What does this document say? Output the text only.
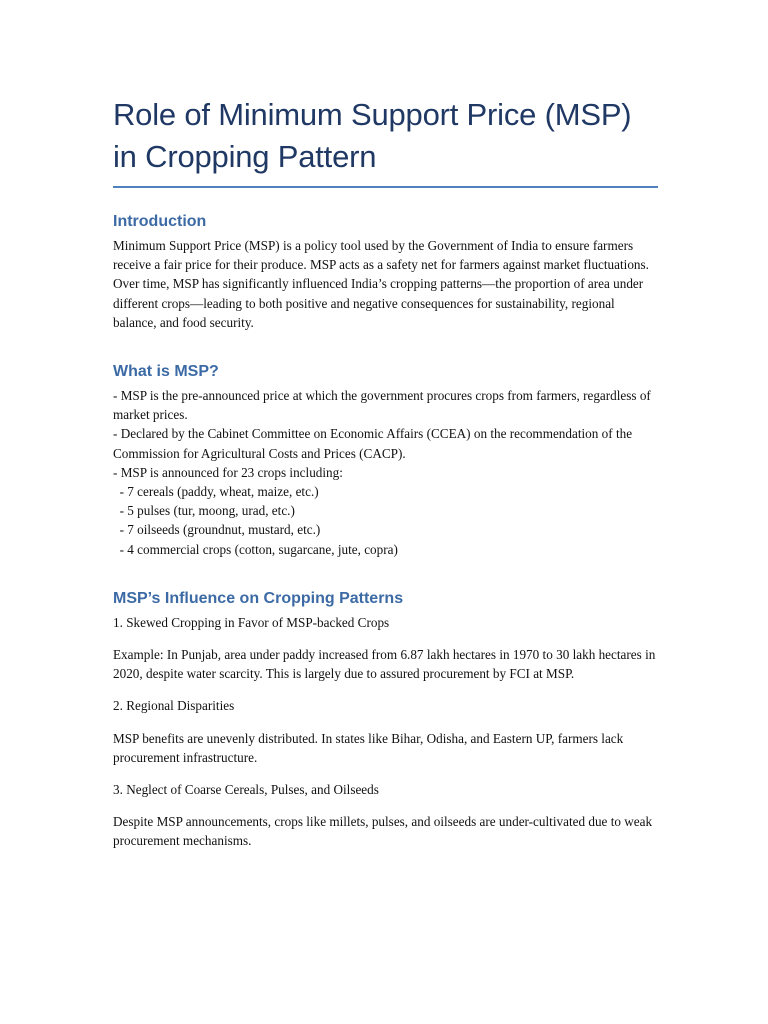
Role of Minimum Support Price (MSP) in Cropping Pattern
Introduction

Minimum Support Price (MSP) is a policy tool used by the Government of India to ensure farmers receive a fair price for their produce. MSP acts as a safety net for farmers against market fluctuations. Over time, MSP has significantly influenced India’s cropping patterns—the proportion of area under different crops—leading to both positive and negative consequences for sustainability, regional balance, and food security.

What is MSP?

- MSP is the pre-announced price at which the government procures crops from farmers, regardless of market prices.

- Declared by the Cabinet Committee on Economic Affairs (CCEA) on the recommendation of the Commission for Agricultural Costs and Prices (CACP).

- MSP is announced for 23 crops including:

- 7 cereals (paddy, wheat, maize, etc.)

- 5 pulses (tur, moong, urad, etc.)

- 7 oilseeds (groundnut, mustard, etc.)

- 4 commercial crops (cotton, sugarcane, jute, copra)

MSP’s Influence on Cropping Patterns

1. Skewed Cropping in Favor of MSP-backed Crops

Example: In Punjab, area under paddy increased from 6.87 lakh hectares in 1970 to 30 lakh hectares in 2020, despite water scarcity. This is largely due to assured procurement by FCI at MSP.

2. Regional Disparities

MSP benefits are unevenly distributed. In states like Bihar, Odisha, and Eastern UP, farmers lack procurement infrastructure.

3. Neglect of Coarse Cereals, Pulses, and Oilseeds

Despite MSP announcements, crops like millets, pulses, and oilseeds are under-cultivated due to weak procurement mechanisms.
